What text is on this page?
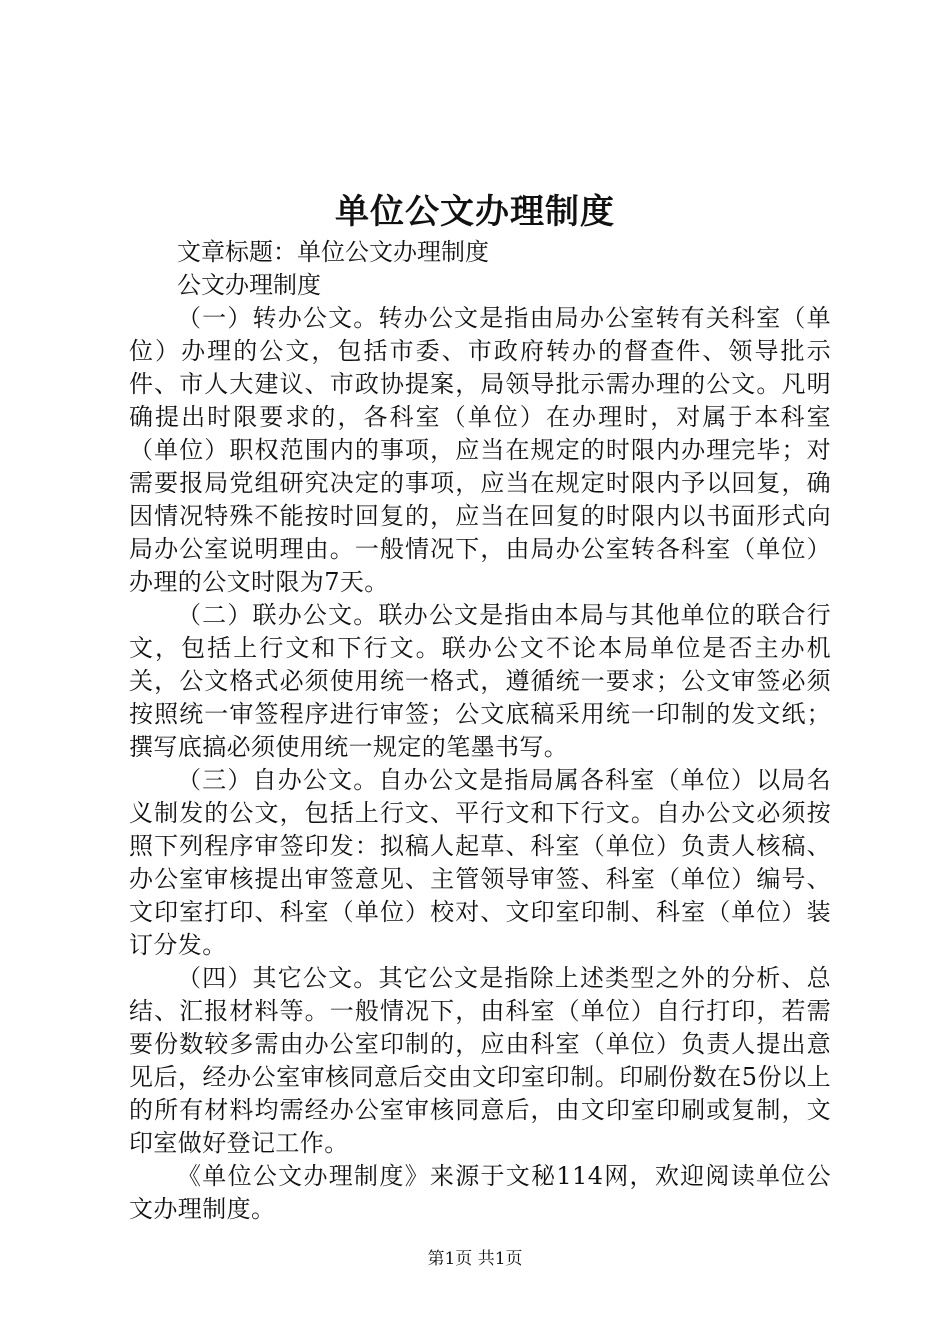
单位公文办理制度

文章标题：单位公文办理制度

公文办理制度

（一）转办公文。转办公文是指由局办公室转有关科室（单位）办理的公文，包括市委、市政府转办的督查件、领导批示件、市人大建议、市政协提案，局领导批示需办理的公文。凡明确提出时限要求的，各科室（单位）在办理时，对属于本科室（单位）职权范围内的事项，应当在规定的时限内办理完毕；对需要报局党组研究决定的事项，应当在规定时限内予以回复，确因情况特殊不能按时回复的，应当在回复的时限内以书面形式向局办公室说明理由。一般情况下，由局办公室转各科室（单位）办理的公文时限为7天。

（二）联办公文。联办公文是指由本局与其他单位的联合行文，包括上行文和下行文。联办公文不论本局单位是否主办机关，公文格式必须使用统一格式，遵循统一要求；公文审签必须按照统一审签程序进行审签；公文底稿采用统一印制的发文纸；撰写底搞必须使用统一规定的笔墨书写。

（三）自办公文。自办公文是指局属各科室（单位）以局名义制发的公文，包括上行文、平行文和下行文。自办公文必须按照下列程序审签印发：拟稿人起草、科室（单位）负责人核稿、办公室审核提出审签意见、主管领导审签、科室（单位）编号、文印室打印、科室（单位）校对、文印室印制、科室（单位）装订分发。

（四）其它公文。其它公文是指除上述类型之外的分析、总结、汇报材料等。一般情况下，由科室（单位）自行打印，若需要份数较多需由办公室印制的，应由科室（单位）负责人提出意见后，经办公室审核同意后交由文印室印制。印刷份数在5份以上的所有材料均需经办公室审核同意后，由文印室印刷或复制，文印室做好登记工作。

《单位公文办理制度》来源于文秘114网，欢迎阅读单位公文办理制度。

第1页 共1页
